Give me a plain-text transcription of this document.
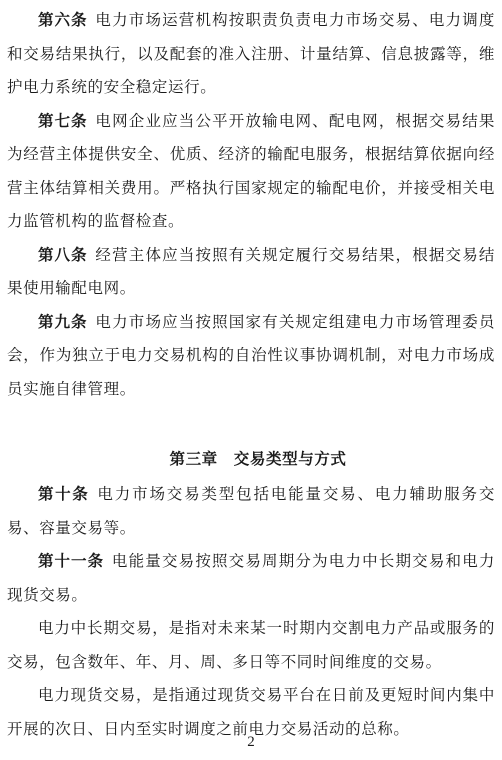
第六条 电力市场运营机构按职责负责电力市场交易、电力调度和交易结果执行，以及配套的准入注册、计量结算、信息披露等，维护电力系统的安全稳定运行。

第七条 电网企业应当公平开放输电网、配电网，根据交易结果为经营主体提供安全、优质、经济的输配电服务，根据结算依据向经营主体结算相关费用。严格执行国家规定的输配电价，并接受相关电力监管机构的监督检查。

第八条 经营主体应当按照有关规定履行交易结果，根据交易结果使用输配电网。

第九条 电力市场应当按照国家有关规定组建电力市场管理委员会，作为独立于电力交易机构的自治性议事协调机制，对电力市场成员实施自律管理。

第三章 交易类型与方式

第十条 电力市场交易类型包括电能量交易、电力辅助服务交易、容量交易等。

第十一条 电能量交易按照交易周期分为电力中长期交易和电力现货交易。

电力中长期交易，是指对未来某一时期内交割电力产品或服务的交易，包含数年、年、月、周、多日等不同时间维度的交易。

电力现货交易，是指通过现货交易平台在日前及更短时间内集中开展的次日、日内至实时调度之前电力交易活动的总称。

2
